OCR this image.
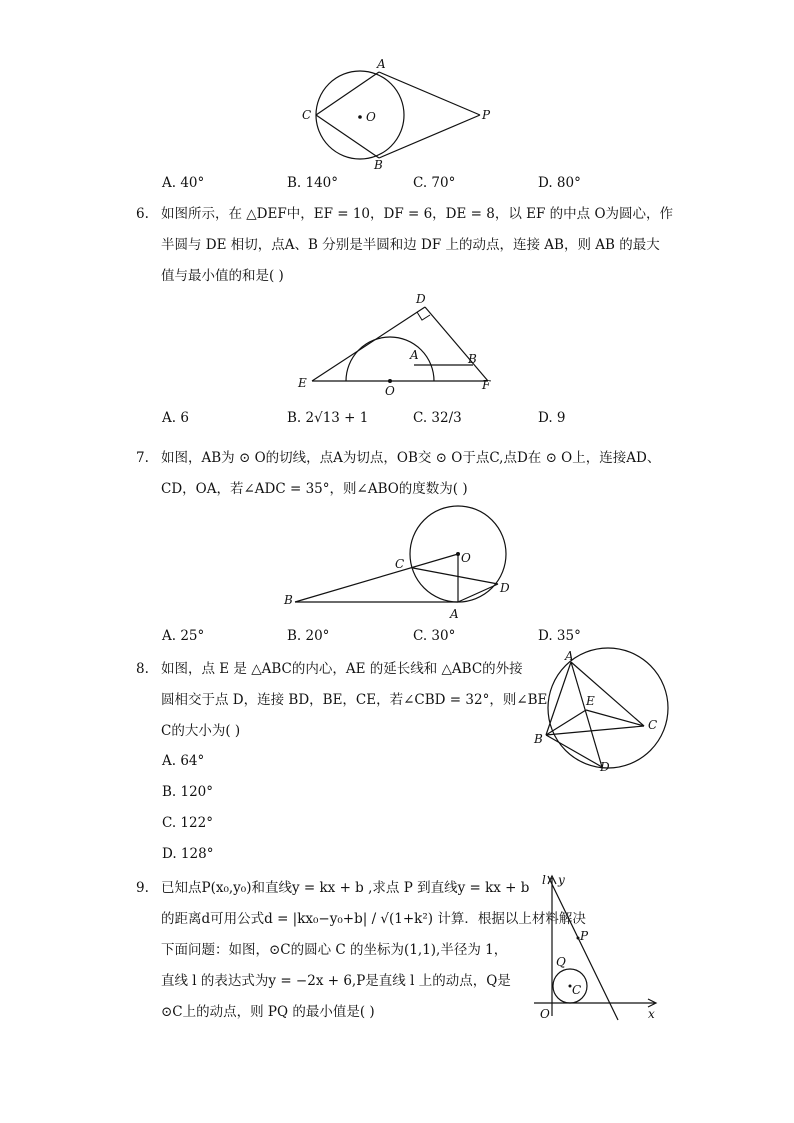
A
B
C	O	P
A. 40°	B. 140°	C. 70°	D. 80°
6. 如图所示，在 △DEF中，EF = 10，DF = 6，DE = 8，以 EF 的中点 O为圆心，作
半圆与 DE 相切，点A、B 分别是半圆和边 DF 上的动点，连接 AB，则 AB 的最大
值与最小值的和是( )
D
A	B
E
O	F
A. 6	B. 2√13 + 1	C. 32/3	D. 9
7. 如图，AB为 ⊙ O的切线，点A为切点，OB交 ⊙ O于点C,点D在 ⊙ O上，连接AD、
CD，OA，若∠ADC = 35°，则∠ABO的度数为( )
C	O
B
A
D
A. 25°	B. 20°	C. 30°	D. 35°
8. 如图，点 E 是 △ABC的内心，AE 的延长线和 △ABC的外接
圆相交于点 D，连接 BD，BE，CE，若∠CBD = 32°，则∠BE
C的大小为( )
A. 64°
B. 120°
C. 122°
D. 128°
A
E
B
C
D
9. 已知点P(x₀,y₀)和直线y = kx + b ,求点 P 到直线y = kx + b
的距离d可用公式d = |kx₀−y₀+b| / √(1+k²) 计算．根据以上材料解决
下面问题：如图，⊙C的圆心 C 的坐标为(1,1),半径为 1，
直线 l 的表达式为y = −2x + 6,P是直线 l 上的动点，Q是
⊙C上的动点，则 PQ 的最小值是( )
l y
P
Q
C
O	x
